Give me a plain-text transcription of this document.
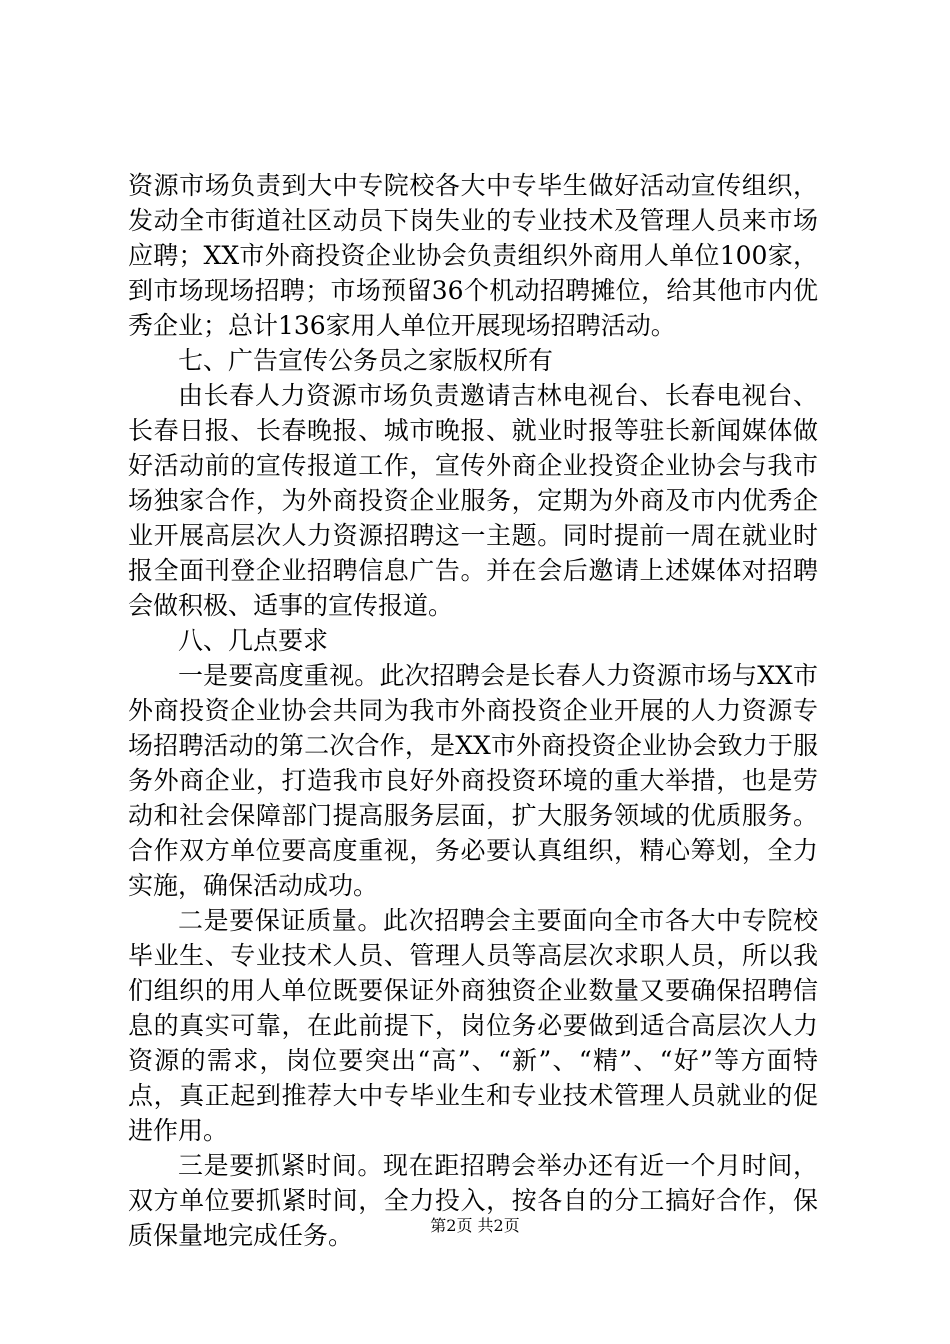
资源市场负责到大中专院校各大中专毕生做好活动宣传组织，发动全市街道社区动员下岗失业的专业技术及管理人员来市场应聘；XX市外商投资企业协会负责组织外商用人单位100家，到市场现场招聘；市场预留36个机动招聘摊位，给其他市内优秀企业；总计136家用人单位开展现场招聘活动。

七、广告宣传公务员之家版权所有

由长春人力资源市场负责邀请吉林电视台、长春电视台、长春日报、长春晚报、城市晚报、就业时报等驻长新闻媒体做好活动前的宣传报道工作，宣传外商企业投资企业协会与我市场独家合作，为外商投资企业服务，定期为外商及市内优秀企业开展高层次人力资源招聘这一主题。同时提前一周在就业时报全面刊登企业招聘信息广告。并在会后邀请上述媒体对招聘会做积极、适事的宣传报道。

八、几点要求

一是要高度重视。此次招聘会是长春人力资源市场与XX市外商投资企业协会共同为我市外商投资企业开展的人力资源专场招聘活动的第二次合作，是XX市外商投资企业协会致力于服务外商企业，打造我市良好外商投资环境的重大举措，也是劳动和社会保障部门提高服务层面，扩大服务领域的优质服务。合作双方单位要高度重视，务必要认真组织，精心筹划，全力实施，确保活动成功。

二是要保证质量。此次招聘会主要面向全市各大中专院校毕业生、专业技术人员、管理人员等高层次求职人员，所以我们组织的用人单位既要保证外商独资企业数量又要确保招聘信息的真实可靠，在此前提下，岗位务必要做到适合高层次人力资源的需求，岗位要突出“高”、“新”、“精”、“好”等方面特点，真正起到推荐大中专毕业生和专业技术管理人员就业的促进作用。

三是要抓紧时间。现在距招聘会举办还有近一个月时间，双方单位要抓紧时间，全力投入，按各自的分工搞好合作，保质保量地完成任务。	第2页 共2页
